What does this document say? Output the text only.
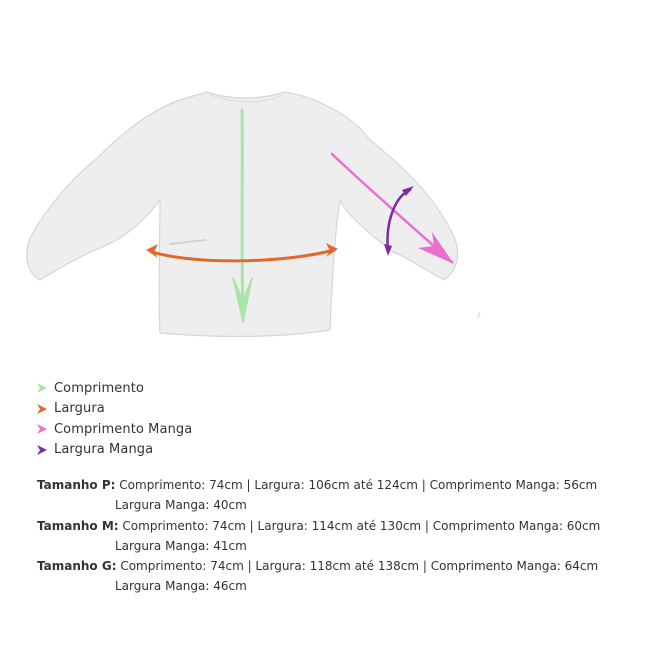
Comprimento
Largura
Comprimento Manga
Largura Manga
Tamanho P: Comprimento: 74cm | Largura: 106cm até 124cm | Comprimento Manga: 56cm
Largura Manga: 40cm
Tamanho M: Comprimento: 74cm | Largura: 114cm até 130cm | Comprimento Manga: 60cm
Largura Manga: 41cm
Tamanho G: Comprimento: 74cm | Largura: 118cm até 138cm | Comprimento Manga: 64cm
Largura Manga: 46cm
